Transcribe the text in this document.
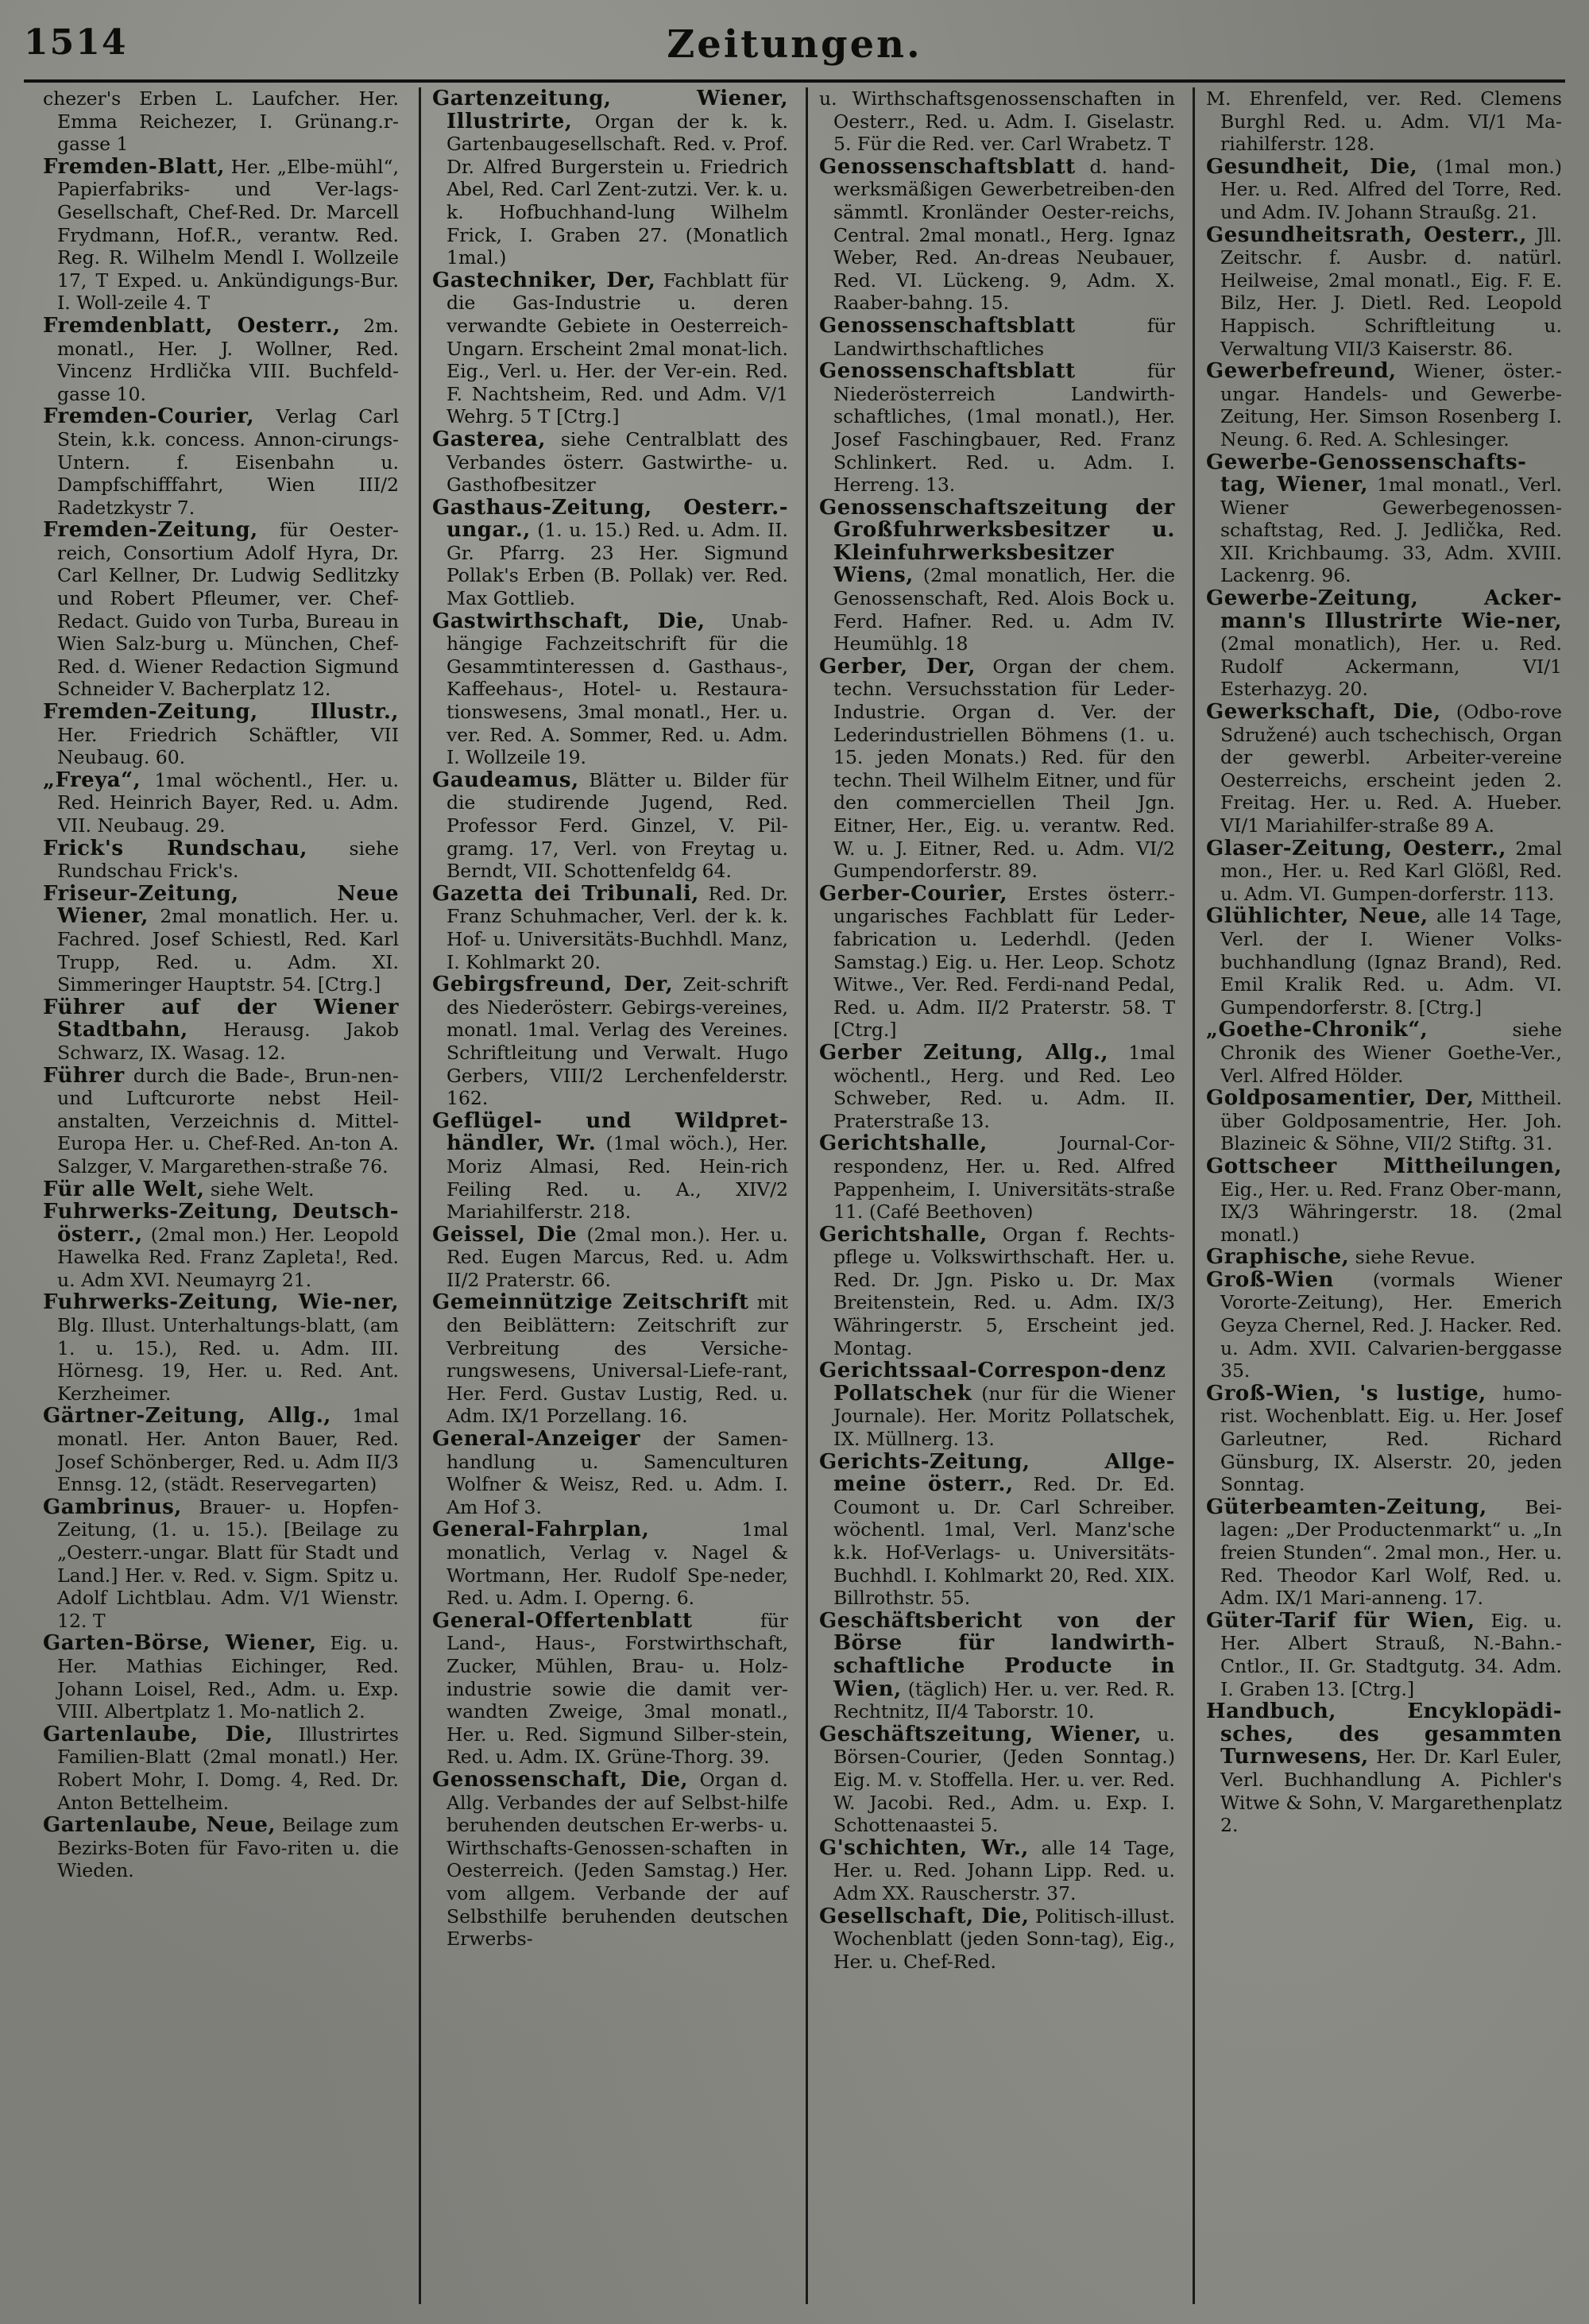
1514	Zeitungen.

chezer's Erben L. Laufcher. Her. Emma Reichezer, I. Grünang.r-gasse 1

Fremden-Blatt, Her. „Elbe-mühl“, Papierfabriks- und Ver-lags-Gesellschaft, Chef-Red. Dr. Marcell Frydmann, Hof.R., verantw. Red. Reg. R. Wilhelm Mendl I. Wollzeile 17, T Exped. u. Ankündigungs-Bur. I. Woll-zeile 4. T

Fremdenblatt, Oesterr., 2m. monatl., Her. J. Wollner, Red. Vincenz Hrdlička VIII. Buchfeld-gasse 10.

Fremden-Courier, Verlag Carl Stein, k.k. concess. Annon-cirungs-Untern. f. Eisenbahn u. Dampfschifffahrt, Wien III/2 Radetzkystr 7.

Fremden-Zeitung, für Oester-reich, Consortium Adolf Hyra, Dr. Carl Kellner, Dr. Ludwig Sedlitzky und Robert Pfleumer, ver. Chef-Redact. Guido von Turba, Bureau in Wien Salz-burg u. München, Chef-Red. d. Wiener Redaction Sigmund Schneider V. Bacherplatz 12.

Fremden-Zeitung, Illustr., Her. Friedrich Schäftler, VII Neubaug. 60.

„Freya“, 1mal wöchentl., Her. u. Red. Heinrich Bayer, Red. u. Adm. VII. Neubaug. 29.

Frick's Rundschau, siehe Rundschau Frick's.

Friseur-Zeitung, Neue Wiener, 2mal monatlich. Her. u. Fachred. Josef Schiestl, Red. Karl Trupp, Red. u. Adm. XI. Simmeringer Hauptstr. 54. [Ctrg.]

Führer auf der Wiener Stadtbahn, Herausg. Jakob Schwarz, IX. Wasag. 12.

Führer durch die Bade-, Brun-nen- und Luftcurorte nebst Heil-anstalten, Verzeichnis d. Mittel-Europa Her. u. Chef-Red. An-ton A. Salzger, V. Margarethen-straße 76.

Für alle Welt, siehe Welt.

Fuhrwerks-Zeitung, Deutsch-österr., (2mal mon.) Her. Leopold Hawelka Red. Franz Zapleta!, Red. u. Adm XVI. Neumayrg 21.

Fuhrwerks-Zeitung, Wie-ner, Blg. Illust. Unterhaltungs-blatt, (am 1. u. 15.), Red. u. Adm. III. Hörnesg. 19, Her. u. Red. Ant. Kerzheimer.

Gärtner-Zeitung, Allg., 1mal monatl. Her. Anton Bauer, Red. Josef Schönberger, Red. u. Adm II/3 Ennsg. 12, (städt. Reservegarten)

Gambrinus, Brauer- u. Hopfen-Zeitung, (1. u. 15.). [Beilage zu „Oesterr.-ungar. Blatt für Stadt und Land.] Her. v. Red. v. Sigm. Spitz u. Adolf Lichtblau. Adm. V/1 Wienstr. 12. T

Garten-Börse, Wiener, Eig. u. Her. Mathias Eichinger, Red. Johann Loisel, Red., Adm. u. Exp. VIII. Albertplatz 1. Mo-natlich 2.

Gartenlaube, Die, Illustrirtes Familien-Blatt (2mal monatl.) Her. Robert Mohr, I. Domg. 4, Red. Dr. Anton Bettelheim.

Gartenlaube, Neue, Beilage zum Bezirks-Boten für Favo-riten u. die Wieden.

Gartenzeitung, Wiener, Illustrirte, Organ der k. k. Gartenbaugesellschaft. Red. v. Prof. Dr. Alfred Burgerstein u. Friedrich Abel, Red. Carl Zent-zutzi. Ver. k. u. k. Hofbuchhand-lung Wilhelm Frick, I. Graben 27. (Monatlich 1mal.)

Gastechniker, Der, Fachblatt für die Gas-Industrie u. deren verwandte Gebiete in Oesterreich-Ungarn. Erscheint 2mal monat-lich. Eig., Verl. u. Her. der Ver-ein. Red. F. Nachtsheim, Red. und Adm. V/1 Wehrg. 5 T [Ctrg.]

Gasterea, siehe Centralblatt des Verbandes österr. Gastwirthe- u. Gasthofbesitzer

Gasthaus-Zeitung, Oesterr.-ungar., (1. u. 15.) Red. u. Adm. II. Gr. Pfarrg. 23 Her. Sigmund Pollak's Erben (B. Pollak) ver. Red. Max Gottlieb.

Gastwirthschaft, Die, Unab-hängige Fachzeitschrift für die Gesammtinteressen d. Gasthaus-, Kaffeehaus-, Hotel- u. Restaura-tionswesens, 3mal monatl., Her. u. ver. Red. A. Sommer, Red. u. Adm. I. Wollzeile 19.

Gaudeamus, Blätter u. Bilder für die studirende Jugend, Red. Professor Ferd. Ginzel, V. Pil-gramg. 17, Verl. von Freytag u. Berndt, VII. Schottenfeldg 64.

Gazetta dei Tribunali, Red. Dr. Franz Schuhmacher, Verl. der k. k. Hof- u. Universitäts-Buchhdl. Manz, I. Kohlmarkt 20.

Gebirgsfreund, Der, Zeit-schrift des Niederösterr. Gebirgs-vereines, monatl. 1mal. Verlag des Vereines. Schriftleitung und Verwalt. Hugo Gerbers, VIII/2 Lerchenfelderstr. 162.

Geflügel- und Wildpret-händler, Wr. (1mal wöch.), Her. Moriz Almasi, Red. Hein-rich Feiling Red. u. A., XIV/2 Mariahilferstr. 218.

Geissel, Die (2mal mon.). Her. u. Red. Eugen Marcus, Red. u. Adm II/2 Praterstr. 66.

Gemeinnützige Zeitschrift mit den Beiblättern: Zeitschrift zur Verbreitung des Versiche-rungswesens, Universal-Liefe-rant, Her. Ferd. Gustav Lustig, Red. u. Adm. IX/1 Porzellang. 16.

General-Anzeiger der Samen-handlung u. Samenculturen Wolfner & Weisz, Red. u. Adm. I. Am Hof 3.

General-Fahrplan,	1mal monatlich, Verlag v. Nagel & Wortmann, Her. Rudolf Spe-neder, Red. u. Adm. I. Operng. 6.

General-Offertenblatt	für Land-, Haus-, Forstwirthschaft, Zucker, Mühlen, Brau- u. Holz-industrie sowie die damit ver-wandten Zweige, 3mal monatl., Her. u. Red. Sigmund Silber-stein, Red. u. Adm. IX. Grüne-Thorg. 39.

Genossenschaft, Die, Organ d. Allg. Verbandes der auf Selbst-hilfe beruhenden deutschen Er-werbs- u. Wirthschafts-Genossen-schaften in Oesterreich. (Jeden Samstag.) Her. vom allgem. Verbande der auf Selbsthilfe beruhenden deutschen Erwerbs-

u. Wirthschaftsgenossenschaften in Oesterr., Red. u. Adm. I. Giselastr. 5. Für die Red. ver. Carl Wrabetz. T

Genossenschaftsblatt d. hand-werksmäßigen Gewerbetreiben-den sämmtl. Kronländer Oester-reichs, Central. 2mal monatl., Herg. Ignaz Weber, Red. An-dreas Neubauer, Red. VI. Lückeng. 9, Adm. X. Raaber-bahng. 15.

Genossenschaftsblatt	für Landwirthschaftliches

Genossenschaftsblatt	für Niederösterreich Landwirth-schaftliches, (1mal monatl.), Her. Josef Faschingbauer, Red. Franz Schlinkert. Red. u. Adm. I. Herreng. 13.

Genossenschaftszeitung der Großfuhrwerksbesitzer u. Kleinfuhrwerksbesitzer Wiens, (2mal monatlich, Her. die Genossenschaft, Red. Alois Bock u. Ferd. Hafner. Red. u. Adm IV. Heumühlg. 18

Gerber, Der, Organ der chem. techn. Versuchsstation für Leder-Industrie. Organ d. Ver. der Lederindustriellen Böhmens (1. u. 15. jeden Monats.) Red. für den techn. Theil Wilhelm Eitner, und für den commerciellen Theil Jgn. Eitner, Her., Eig. u. verantw. Red. W. u. J. Eitner, Red. u. Adm. VI/2 Gumpendorferstr. 89.

Gerber-Courier, Erstes österr.-ungarisches Fachblatt für Leder-fabrication u. Lederhdl. (Jeden Samstag.) Eig. u. Her. Leop. Schotz Witwe., Ver. Red. Ferdi-nand Pedal, Red. u. Adm. II/2 Praterstr. 58. T [Ctrg.]

Gerber Zeitung, Allg., 1mal wöchentl., Herg. und Red. Leo Schweber, Red. u. Adm. II. Praterstraße 13.

Gerichtshalle,	Journal-Cor-respondenz, Her. u. Red. Alfred Pappenheim, I. Universitäts-straße 11. (Café Beethoven)

Gerichtshalle, Organ f. Rechts-pflege u. Volkswirthschaft. Her. u. Red. Dr. Jgn. Pisko u. Dr. Max Breitenstein, Red. u. Adm. IX/3 Währingerstr. 5, Erscheint jed. Montag.

Gerichtssaal-Correspon-denz Pollatschek (nur für die Wiener Journale). Her. Moritz Pollatschek, IX. Müllnerg. 13.

Gerichts-Zeitung, Allge-meine österr., Red. Dr. Ed. Coumont u. Dr. Carl Schreiber. wöchentl. 1mal, Verl. Manz'sche k.k. Hof-Verlags- u. Universitäts-Buchhdl. I. Kohlmarkt 20, Red. XIX. Billrothstr. 55.

Geschäftsbericht von der Börse für landwirth-schaftliche Producte in Wien, (täglich) Her. u. ver. Red. R. Rechtnitz, II/4 Taborstr. 10.

Geschäftszeitung, Wiener, u. Börsen-Courier, (Jeden Sonntag.) Eig. M. v. Stoffella. Her. u. ver. Red. W. Jacobi. Red., Adm. u. Exp. I. Schottenaastei 5.

G'schichten, Wr., alle 14 Tage, Her. u. Red. Johann Lipp. Red. u. Adm XX. Rauscherstr. 37.

Gesellschaft, Die, Politisch-illust. Wochenblatt (jeden Sonn-tag), Eig., Her. u. Chef-Red.

M. Ehrenfeld, ver. Red. Clemens Burghl Red. u. Adm. VI/1 Ma-riahilferstr. 128.

Gesundheit, Die, (1mal mon.) Her. u. Red. Alfred del Torre, Red. und Adm. IV. Johann Straußg. 21.

Gesundheitsrath, Oesterr., Jll. Zeitschr. f. Ausbr. d. natürl. Heilweise, 2mal monatl., Eig. F. E. Bilz, Her. J. Dietl. Red. Leopold Happisch. Schriftleitung u. Verwaltung VII/3 Kaiserstr. 86.

Gewerbefreund, Wiener, öster.-ungar. Handels- und Gewerbe-Zeitung, Her. Simson Rosenberg I. Neung. 6. Red. A. Schlesinger.

Gewerbe-Genossenschafts-tag, Wiener, 1mal monatl., Verl. Wiener Gewerbegenossen-schaftstag, Red. J. Jedlička, Red. XII. Krichbaumg. 33, Adm. XVIII. Lackenrg. 96.

Gewerbe-Zeitung, Acker-mann's Illustrirte Wie-ner, (2mal monatlich), Her. u. Red. Rudolf Ackermann, VI/1 Esterhazyg. 20.

Gewerkschaft, Die, (Odbo-rove Sdružené) auch tschechisch, Organ der gewerbl. Arbeiter-vereine Oesterreichs, erscheint jeden 2. Freitag. Her. u. Red. A. Hueber. VI/1 Mariahilfer-straße 89 A.

Glaser-Zeitung, Oesterr., 2mal mon., Her. u. Red Karl Glößl, Red. u. Adm. VI. Gumpen-dorferstr. 113.

Glühlichter, Neue, alle 14 Tage, Verl. der I. Wiener Volks-buchhandlung (Ignaz Brand), Red. Emil Kralik Red. u. Adm. VI. Gumpendorferstr. 8. [Ctrg.]

„Goethe-Chronik“,	siehe Chronik des Wiener Goethe-Ver., Verl. Alfred Hölder.

Goldposamentier, Der, Mittheil. über Goldposamentrie, Her. Joh. Blazineic & Söhne, VII/2 Stiftg. 31.

Gottscheer Mittheilungen, Eig., Her. u. Red. Franz Ober-mann, IX/3 Währingerstr. 18. (2mal monatl.)

Graphische, siehe Revue.

Groß-Wien (vormals Wiener Vororte-Zeitung), Her. Emerich Geyza Chernel, Red. J. Hacker. Red. u. Adm. XVII. Calvarien-berggasse 35.

Groß-Wien, 's lustige, humo-rist. Wochenblatt. Eig. u. Her. Josef Garleutner, Red. Richard Günsburg, IX. Alserstr. 20, jeden Sonntag.

Güterbeamten-Zeitung, Bei-lagen: „Der Productenmarkt“ u. „In freien Stunden“. 2mal mon., Her. u. Red. Theodor Karl Wolf, Red. u. Adm. IX/1 Mari-anneng. 17.

Güter-Tarif für Wien, Eig. u. Her. Albert Strauß, N.-Bahn.-Cntlor., II. Gr. Stadtgutg. 34. Adm. I. Graben 13. [Ctrg.]

Handbuch, Encyklopädi-sches, des gesammten Turnwesens, Her. Dr. Karl Euler, Verl. Buchhandlung A. Pichler's Witwe & Sohn, V. Margarethenplatz 2.
